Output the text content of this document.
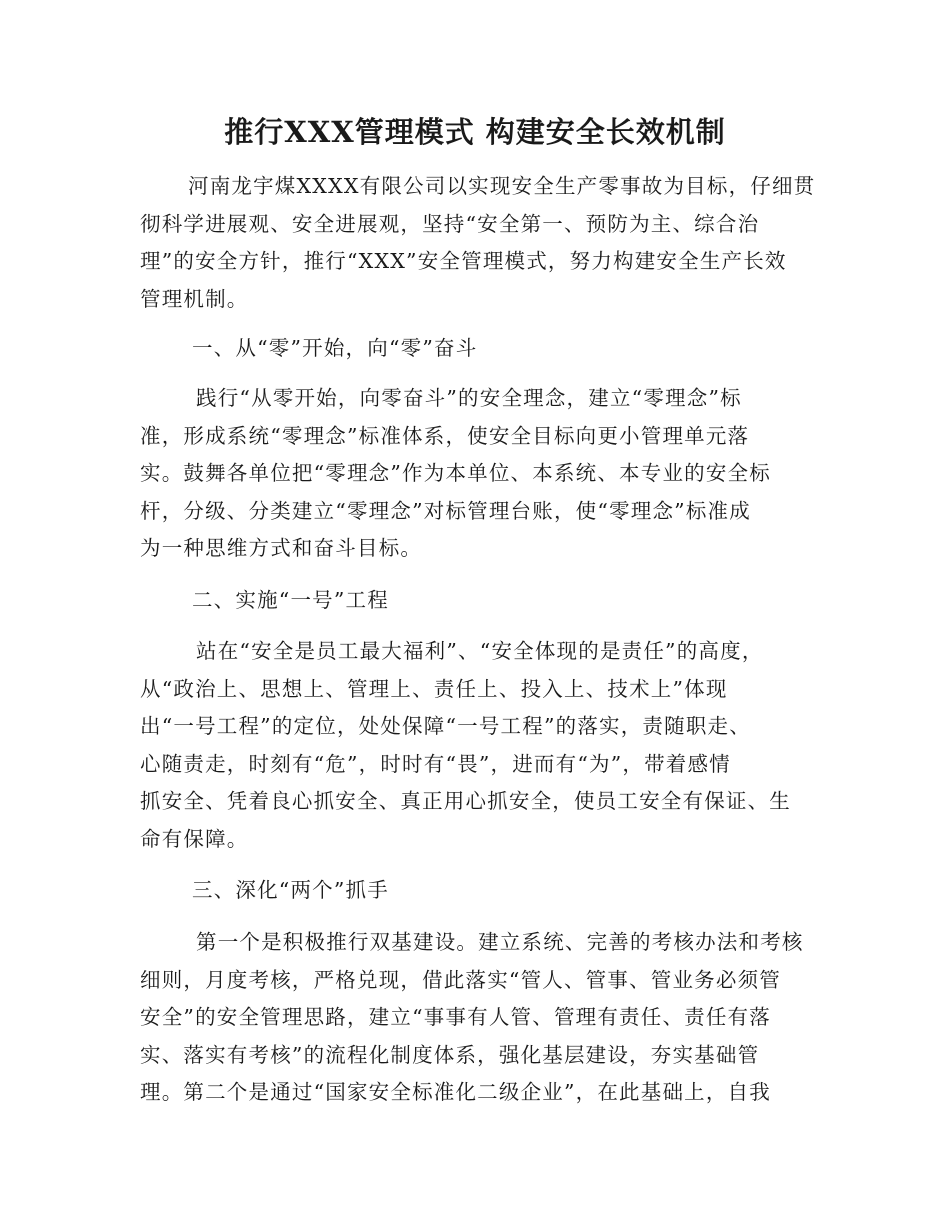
推行XXX管理模式 构建安全长效机制

河南龙宇煤XXXX有限公司以实现安全生产零事故为目标，仔细贯
彻科学进展观、安全进展观，坚持“安全第一、预防为主、综合治
理”的安全方针，推行“XXX”安全管理模式，努力构建安全生产长效
管理机制。

一、从“零”开始，向“零”奋斗

践行“从零开始，向零奋斗”的安全理念，建立“零理念”标
准，形成系统“零理念”标准体系，使安全目标向更小管理单元落
实。鼓舞各单位把“零理念”作为本单位、本系统、本专业的安全标
杆，分级、分类建立“零理念”对标管理台账，使“零理念”标准成
为一种思维方式和奋斗目标。

二、实施“一号”工程

站在“安全是员工最大福利”、“安全体现的是责任”的高度，
从“政治上、思想上、管理上、责任上、投入上、技术上”体现
出“一号工程”的定位，处处保障“一号工程”的落实，责随职走、
心随责走，时刻有“危”，时时有“畏”，进而有“为”，带着感情
抓安全、凭着良心抓安全、真正用心抓安全，使员工安全有保证、生
命有保障。

三、深化“两个”抓手

第一个是积极推行双基建设。建立系统、完善的考核办法和考核
细则，月度考核，严格兑现，借此落实“管人、管事、管业务必须管
安全”的安全管理思路，建立“事事有人管、管理有责任、责任有落
实、落实有考核”的流程化制度体系，强化基层建设，夯实基础管
理。第二个是通过“国家安全标准化二级企业”，在此基础上，自我
